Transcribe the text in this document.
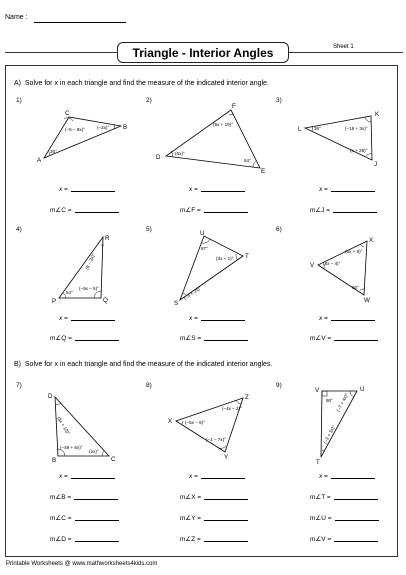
Name :
Triangle - Interior Angles	Sheet 1
A) Solve for x in each triangle and find the measure of the indicated interior angle.
1)	2)	3)
4)	5)	6)
A
B
C
D
E
F
L
J
K
P	Q
R
S
T
U
V
W
X
B	C
D
X
Y
Z
T
U
V
35°
(–2x)°
(–5 – 8x)°
(6x)°
54°
(9x + 19)°
36°
(x + 28)°
(–19 + 3x)°
54°
(–9x – 5)°
(8 – 3x)°
(–3 + 2x)°
(3x + 1)°
87°
(8x – 4)°
60°
(5x + 6)°
(–49 + 6x)°
(2x)°
(3x + 10)°	(–5x – 9)°
(–1 – 7x)°
(–4x – 2)°
(–3 + 3x)°
(–7 + 4x)°
90°
x =
m∠C =
x =
m∠F =
x =
m∠J =
x =
m∠Q =
x =
m∠S =
x =
m∠V =
B) Solve for x in each triangle and find the measure of the indicated interior angles.
7)	8)	9)
x =
m∠B =
m∠C =
m∠D =
x =
m∠X =
m∠Y =
m∠Z =
x =
m∠T =
m∠U =
m∠V =
Printable Worksheets @ www.mathworksheets4kids.com
